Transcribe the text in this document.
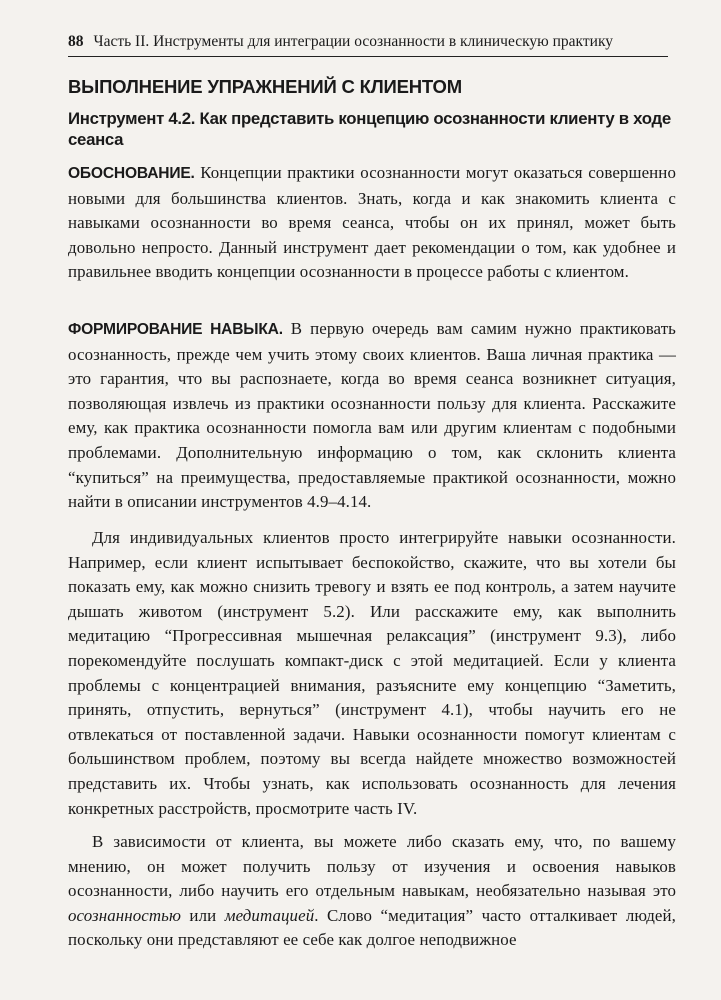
88 Часть II. Инструменты для интеграции осознанности в клиническую практику
ВЫПОЛНЕНИЕ УПРАЖНЕНИЙ С КЛИЕНТОМ
Инструмент 4.2. Как представить концепцию осознанности клиенту в ходе сеанса

ОБОСНОВАНИЕ. Концепции практики осознанности могут оказаться совершенно новыми для большинства клиентов. Знать, когда и как знакомить клиента с навыками осознанности во время сеанса, чтобы он их принял, может быть довольно непросто. Данный инструмент дает рекомендации о том, как удобнее и правильнее вводить концепции осознанности в процессе работы с клиентом.

ФОРМИРОВАНИЕ НАВЫКА. В первую очередь вам самим нужно практиковать осознанность, прежде чем учить этому своих клиентов. Ваша личная практика — это гарантия, что вы распознаете, когда во время сеанса возникнет ситуация, позволяющая извлечь из практики осознанности пользу для клиента. Расскажите ему, как практика осознанности помогла вам или другим клиентам с подобными проблемами. Дополнительную информацию о том, как склонить клиента “купиться” на преимущества, предоставляемые практикой осознанности, можно найти в описании инструментов 4.9–4.14.

Для индивидуальных клиентов просто интегрируйте навыки осознанности. Например, если клиент испытывает беспокойство, скажите, что вы хотели бы показать ему, как можно снизить тревогу и взять ее под контроль, а затем научите дышать животом (инструмент 5.2). Или расскажите ему, как выполнить медитацию “Прогрессивная мышечная релаксация” (инструмент 9.3), либо порекомендуйте послушать компакт-диск с этой медитацией. Если у клиента проблемы с концентрацией внимания, разъясните ему концепцию “Заметить, принять, отпустить, вернуться” (инструмент 4.1), чтобы научить его не отвлекаться от поставленной задачи. Навыки осознанности помогут клиентам с большинством проблем, поэтому вы всегда найдете множество возможностей представить их. Чтобы узнать, как использовать осознанность для лечения конкретных расстройств, просмотрите часть IV.

В зависимости от клиента, вы можете либо сказать ему, что, по вашему мнению, он может получить пользу от изучения и освоения навыков осознанности, либо научить его отдельным навыкам, необязательно называя это осознанностью или медитацией. Слово “медитация” часто отталкивает людей, поскольку они представляют ее себе как долгое неподвижное
